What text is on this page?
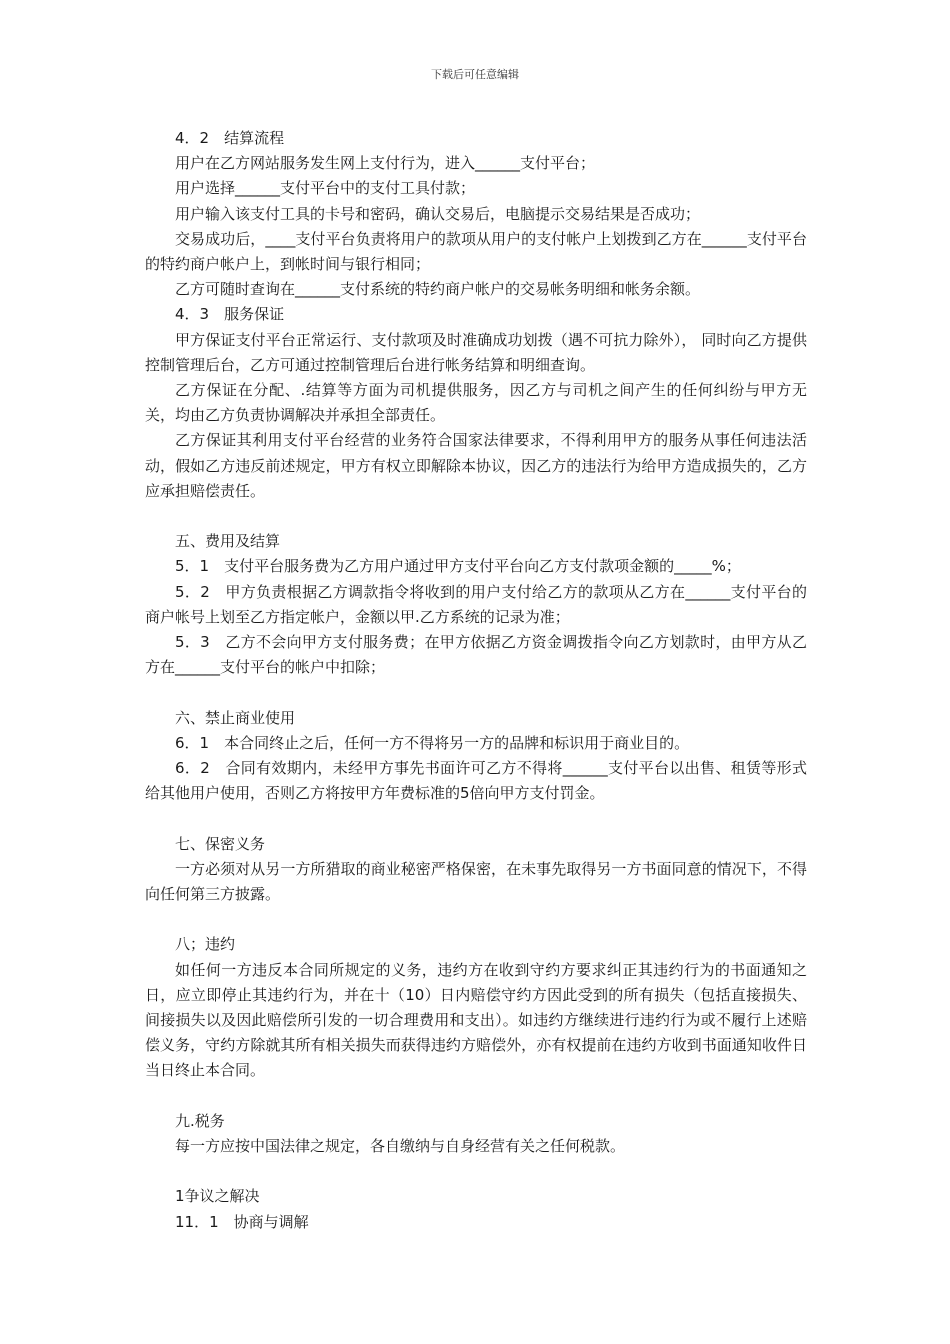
下载后可任意编辑

4．2　结算流程

用户在乙方网站服务发生网上支付行为，进入______支付平台；

用户选择______支付平台中的支付工具付款；

用户输入该支付工具的卡号和密码，确认交易后，电脑提示交易结果是否成功；

交易成功后，____支付平台负责将用户的款项从用户的支付帐户上划拨到乙方在______支付平台的特约商户帐户上，到帐时间与银行相同；

乙方可随时查询在______支付系统的特约商户帐户的交易帐务明细和帐务余额。

4．3　服务保证

甲方保证支付平台正常运行、支付款项及时准确成功划拨（遇不可抗力除外）， 同时向乙方提供控制管理后台，乙方可通过控制管理后台进行帐务结算和明细查询。

乙方保证在分配、.结算等方面为司机提供服务，因乙方与司机之间产生的任何纠纷与甲方无关，均由乙方负责协调解决并承担全部责任。

乙方保证其利用支付平台经营的业务符合国家法律要求，不得利用甲方的服务从事任何违法活动，假如乙方违反前述规定，甲方有权立即解除本协议，因乙方的违法行为给甲方造成损失的，乙方应承担赔偿责任。

五、费用及结算

5．1　支付平台服务费为乙方用户通过甲方支付平台向乙方支付款项金额的_____%；

5．2　甲方负责根据乙方调款指令将收到的用户支付给乙方的款项从乙方在______支付平台的商户帐号上划至乙方指定帐户，金额以甲.乙方系统的记录为准；

5．3　乙方不会向甲方支付服务费；在甲方依据乙方资金调拨指令向乙方划款时，由甲方从乙方在______支付平台的帐户中扣除；

六、禁止商业使用

6．1　本合同终止之后，任何一方不得将另一方的品牌和标识用于商业目的。

6．2　合同有效期内，未经甲方事先书面许可乙方不得将______支付平台以出售、租赁等形式给其他用户使用，否则乙方将按甲方年费标准的5倍向甲方支付罚金。

七、保密义务

一方必须对从另一方所猎取的商业秘密严格保密，在未事先取得另一方书面同意的情况下，不得向任何第三方披露。

八；违约

如任何一方违反本合同所规定的义务，违约方在收到守约方要求纠正其违约行为的书面通知之日，应立即停止其违约行为，并在十（10）日内赔偿守约方因此受到的所有损失（包括直接损失、间接损失以及因此赔偿所引发的一切合理费用和支出）。如违约方继续进行违约行为或不履行上述赔偿义务，守约方除就其所有相关损失而获得违约方赔偿外，亦有权提前在违约方收到书面通知收件日当日终止本合同。

九.税务

每一方应按中国法律之规定，各自缴纳与自身经营有关之任何税款。

1争议之解决

11．1　协商与调解
